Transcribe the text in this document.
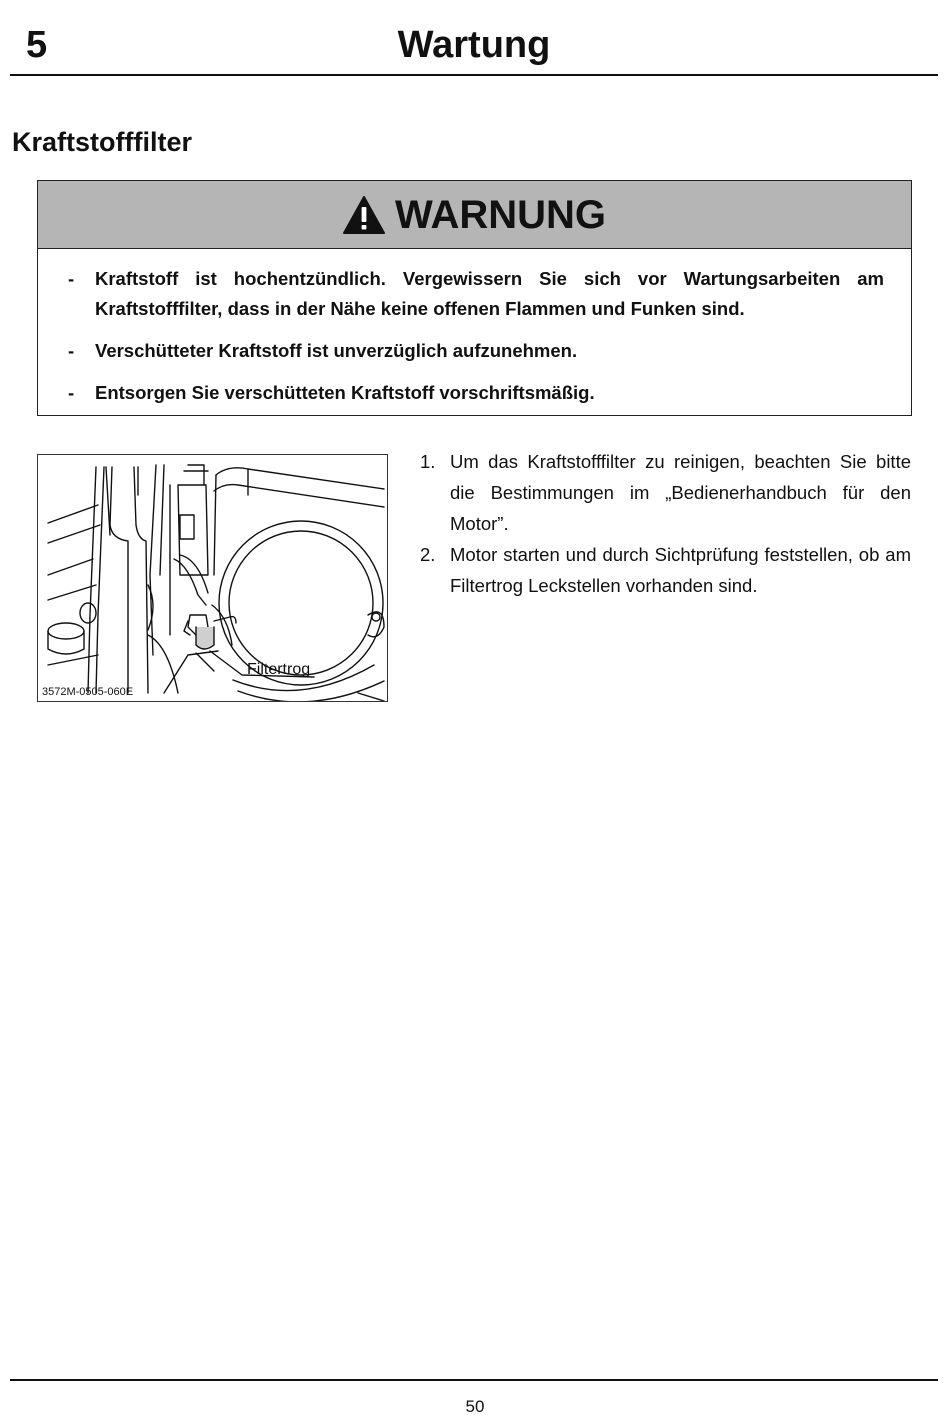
5	Wartung
Kraftstofffilter
WARNUNG
- Kraftstoff ist hochentzündlich. Vergewissern Sie sich vor Wartungsarbeiten am Kraftstofffilter, dass in der Nähe keine offenen Flammen und Funken sind.
- Verschütteter Kraftstoff ist unverzüglich aufzunehmen.
- Entsorgen Sie verschütteten Kraftstoff vorschriftsmäßig.
Filtertrog
3572M-0505-060E
1. Um das Kraftstofffilter zu reinigen, beachten Sie bitte die Bestimmungen im „Bedienerhandbuch für den Motor”.
2. Motor starten und durch Sichtprüfung feststellen, ob am Filtertrog Leckstellen vorhanden sind.
50
